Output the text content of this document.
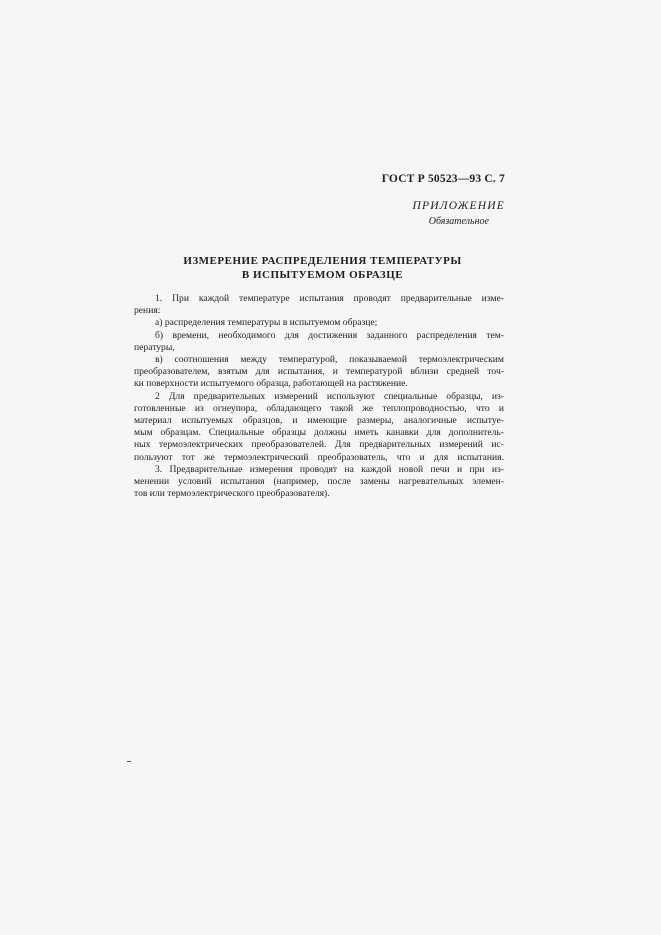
ГОСТ Р 50523—93 С. 7
ПРИЛОЖЕНИЕ
Обязательное
ИЗМЕРЕНИЕ РАСПРЕДЕЛЕНИЯ ТЕМПЕРАТУРЫ
В ИСПЫТУЕМОМ ОБРАЗЦЕ
1. При каждой температуре испытания проводят предварительные изме-
рения:
а) распределения температуры в испытуемом образце;
б) времени, необходимого для достижения заданного распределения тем-
пературы,
в) соотношения между температурой, показываемой термоэлектрическим
преобразователем, взятым для испытания, и температурой вблизи средней точ-
ки поверхности испытуемого образца, работающей на растяжение.
2 Для предварительных измерений используют специальные образцы, из-
готовленные из огнеупора, обладающего такой же теплопроводностью, что и
материал испытуемых образцов, и имеющие размеры, аналогичные испытуе-
мым образцам. Специальные образцы должны иметь канавки для дополнитель-
ных термоэлектрических преобразователей. Для предварительных измерений ис-
пользуют тот же термоэлектрический преобразователь, что и для испытания.
3. Предварительные измерения проводят на каждой новой печи и при из-
менении условий испытания (например, после замены нагревательных элемен-
тов или термоэлектрического преобразователя).
